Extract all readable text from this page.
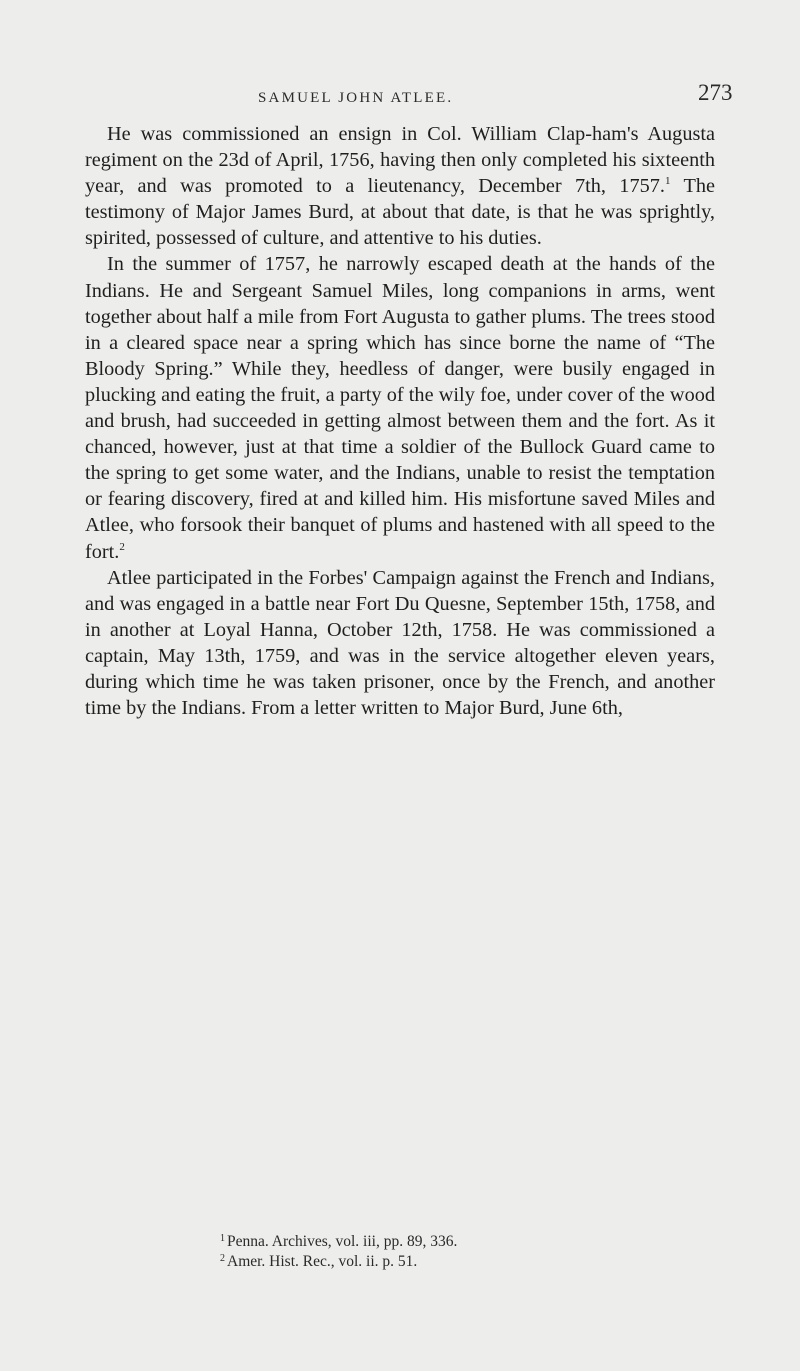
SAMUEL JOHN ATLEE.	273

He was commissioned an ensign in Col. William Clap-ham's Augusta regiment on the 23d of April, 1756, having then only completed his sixteenth year, and was promoted to a lieutenancy, December 7th, 1757.$^1$ The testimony of Major James Burd, at about that date, is that he was sprightly, spirited, possessed of culture, and attentive to his duties.

In the summer of 1757, he narrowly escaped death at the hands of the Indians. He and Sergeant Samuel Miles, long companions in arms, went together about half a mile from Fort Augusta to gather plums. The trees stood in a cleared space near a spring which has since borne the name of “The Bloody Spring.” While they, heedless of danger, were busily engaged in plucking and eating the fruit, a party of the wily foe, under cover of the wood and brush, had succeeded in getting almost between them and the fort. As it chanced, however, just at that time a soldier of the Bullock Guard came to the spring to get some water, and the Indians, unable to resist the temptation or fearing discovery, fired at and killed him. His misfortune saved Miles and Atlee, who forsook their banquet of plums and hastened with all speed to the fort.$^2$

Atlee participated in the Forbes' Campaign against the French and Indians, and was engaged in a battle near Fort Du Quesne, September 15th, 1758, and in another at Loyal Hanna, October 12th, 1758. He was commissioned a captain, May 13th, 1759, and was in the service altogether eleven years, during which time he was taken prisoner, once by the French, and another time by the Indians. From a letter written to Major Burd, June 6th,

$^1$ Penna. Archives, vol. iii, pp. 89, 336.
$^2$ Amer. Hist. Rec., vol. ii. p. 51.
